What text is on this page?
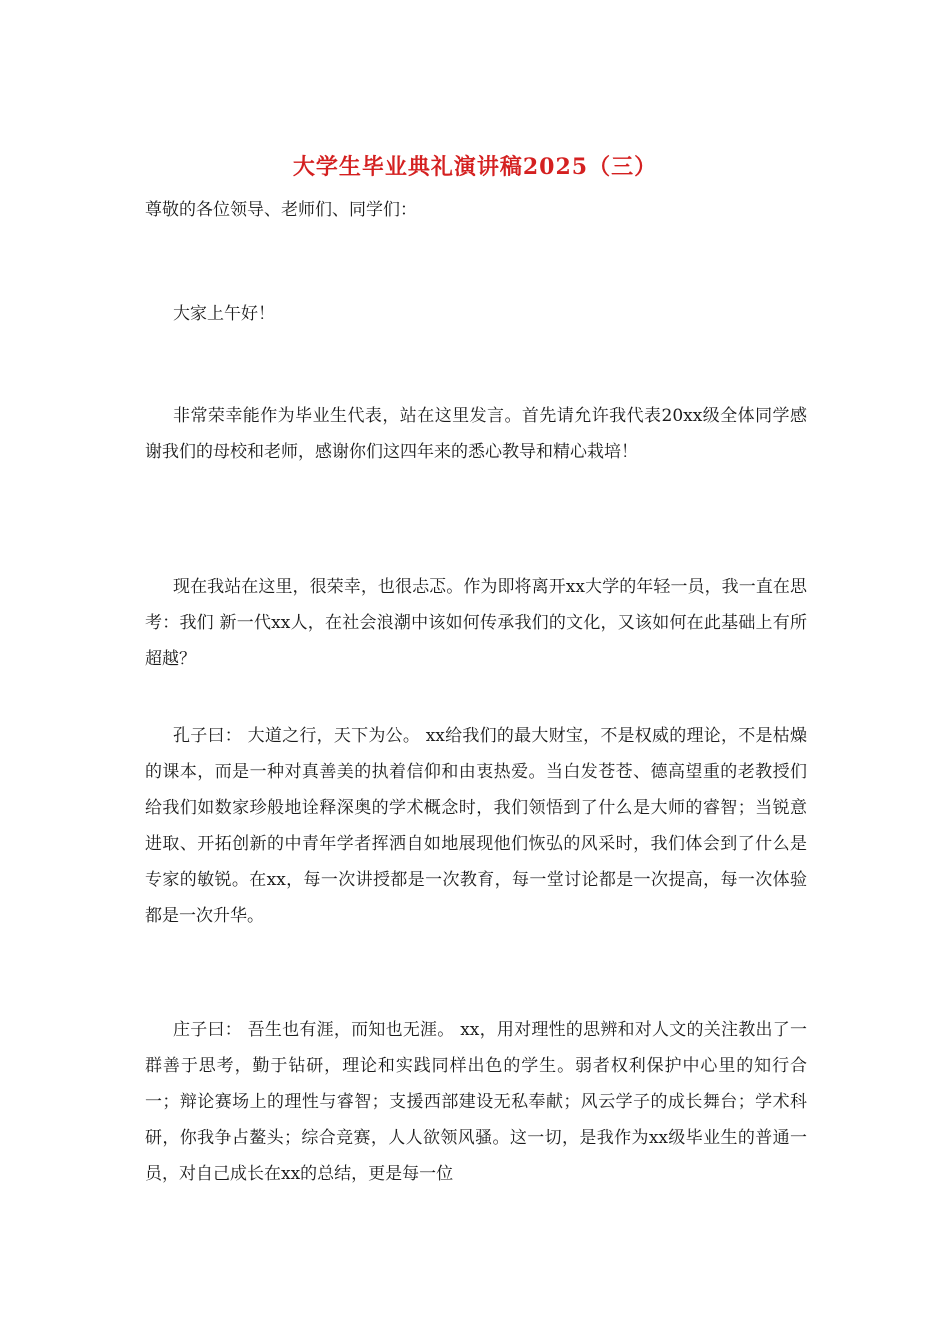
大学生毕业典礼演讲稿2025（三）

尊敬的各位领导、老师们、同学们：

大家上午好！

非常荣幸能作为毕业生代表，站在这里发言。首先请允许我代表20xx级全体同学感谢我们的母校和老师，感谢你们这四年来的悉心教导和精心栽培！

现在我站在这里，很荣幸，也很忐忑。作为即将离开xx大学的年轻一员，我一直在思考：我们 新一代xx人，在社会浪潮中该如何传承我们的文化，又该如何在此基础上有所超越？

孔子曰： 大道之行，天下为公。 xx给我们的最大财宝，不是权威的理论，不是枯燥的课本，而是一种对真善美的执着信仰和由衷热爱。当白发苍苍、德高望重的老教授们给我们如数家珍般地诠释深奥的学术概念时，我们领悟到了什么是大师的睿智；当锐意进取、开拓创新的中青年学者挥洒自如地展现他们恢弘的风采时，我们体会到了什么是专家的敏锐。在xx，每一次讲授都是一次教育，每一堂讨论都是一次提高，每一次体验都是一次升华。

庄子曰： 吾生也有涯，而知也无涯。 xx，用对理性的思辨和对人文的关注教出了一群善于思考，勤于钻研，理论和实践同样出色的学生。弱者权利保护中心里的知行合一；辩论赛场上的理性与睿智；支援西部建设无私奉献；风云学子的成长舞台；学术科研，你我争占鳌头；综合竞赛，人人欲领风骚。这一切，是我作为xx级毕业生的普通一员，对自己成长在xx的总结，更是每一位
